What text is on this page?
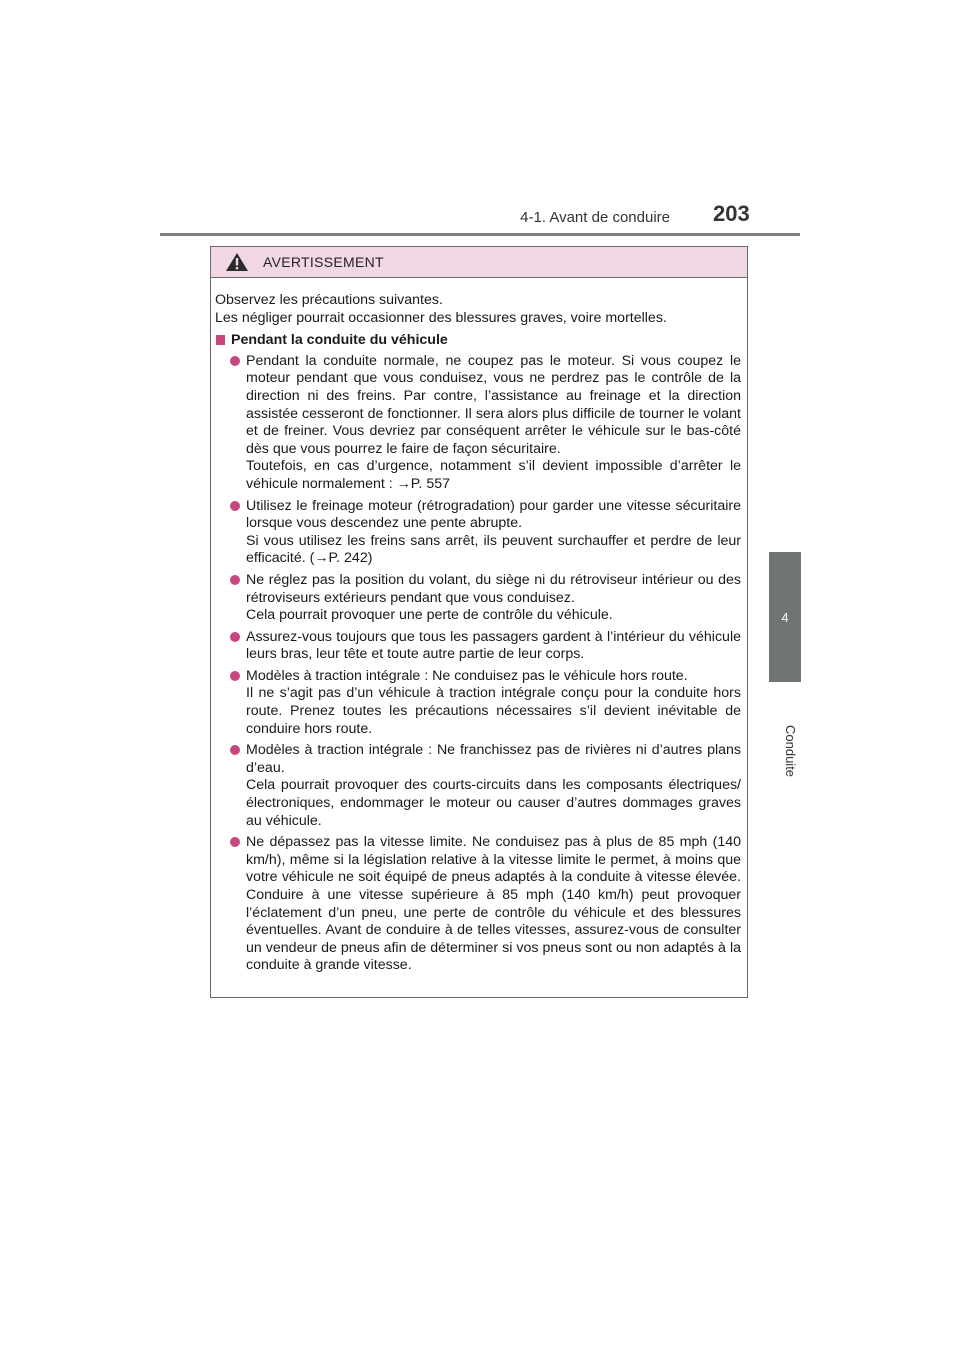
4-1. Avant de conduire 203
4
Conduite
AVERTISSEMENT
Observez les précautions suivantes.
Les négliger pourrait occasionner des blessures graves, voire mortelles.
Pendant la conduite du véhicule

Pendant la conduite normale, ne coupez pas le moteur. Si vous coupez le moteur pendant que vous conduisez, vous ne perdrez pas le contrôle de la direction ni des freins. Par contre, l’assistance au freinage et la direction assistée cesseront de fonctionner. Il sera alors plus difficile de tourner le volant et de freiner. Vous devriez par conséquent arrêter le véhicule sur le bas-côté dès que vous pourrez le faire de façon sécuritaire.

Toutefois, en cas d’urgence, notamment s’il devient impossible d’arrêter le véhicule normalement : →P. 557

Utilisez le freinage moteur (rétrogradation) pour garder une vitesse sécuritaire lorsque vous descendez une pente abrupte.

Si vous utilisez les freins sans arrêt, ils peuvent surchauffer et perdre de leur efficacité. (→P. 242)

Ne réglez pas la position du volant, du siège ni du rétroviseur intérieur ou des rétroviseurs extérieurs pendant que vous conduisez.

Cela pourrait provoquer une perte de contrôle du véhicule.

Assurez-vous toujours que tous les passagers gardent à l’intérieur du véhicule leurs bras, leur tête et toute autre partie de leur corps.

Modèles à traction intégrale : Ne conduisez pas le véhicule hors route.

Il ne s’agit pas d’un véhicule à traction intégrale conçu pour la conduite hors route. Prenez toutes les précautions nécessaires s’il devient inévitable de conduire hors route.

Modèles à traction intégrale : Ne franchissez pas de rivières ni d’autres plans d’eau.

Cela pourrait provoquer des courts-circuits dans les composants électriques/électroniques, endommager le moteur ou causer d’autres dommages graves au véhicule.

Ne dépassez pas la vitesse limite. Ne conduisez pas à plus de 85 mph (140 km/h), même si la législation relative à la vitesse limite le permet, à moins que votre véhicule ne soit équipé de pneus adaptés à la conduite à vitesse élevée. Conduire à une vitesse supérieure à 85 mph (140 km/h) peut provoquer l’éclatement d’un pneu, une perte de contrôle du véhicule et des blessures éventuelles. Avant de conduire à de telles vitesses, assurez-vous de consulter un vendeur de pneus afin de déterminer si vos pneus sont ou non adaptés à la conduite à grande vitesse.
